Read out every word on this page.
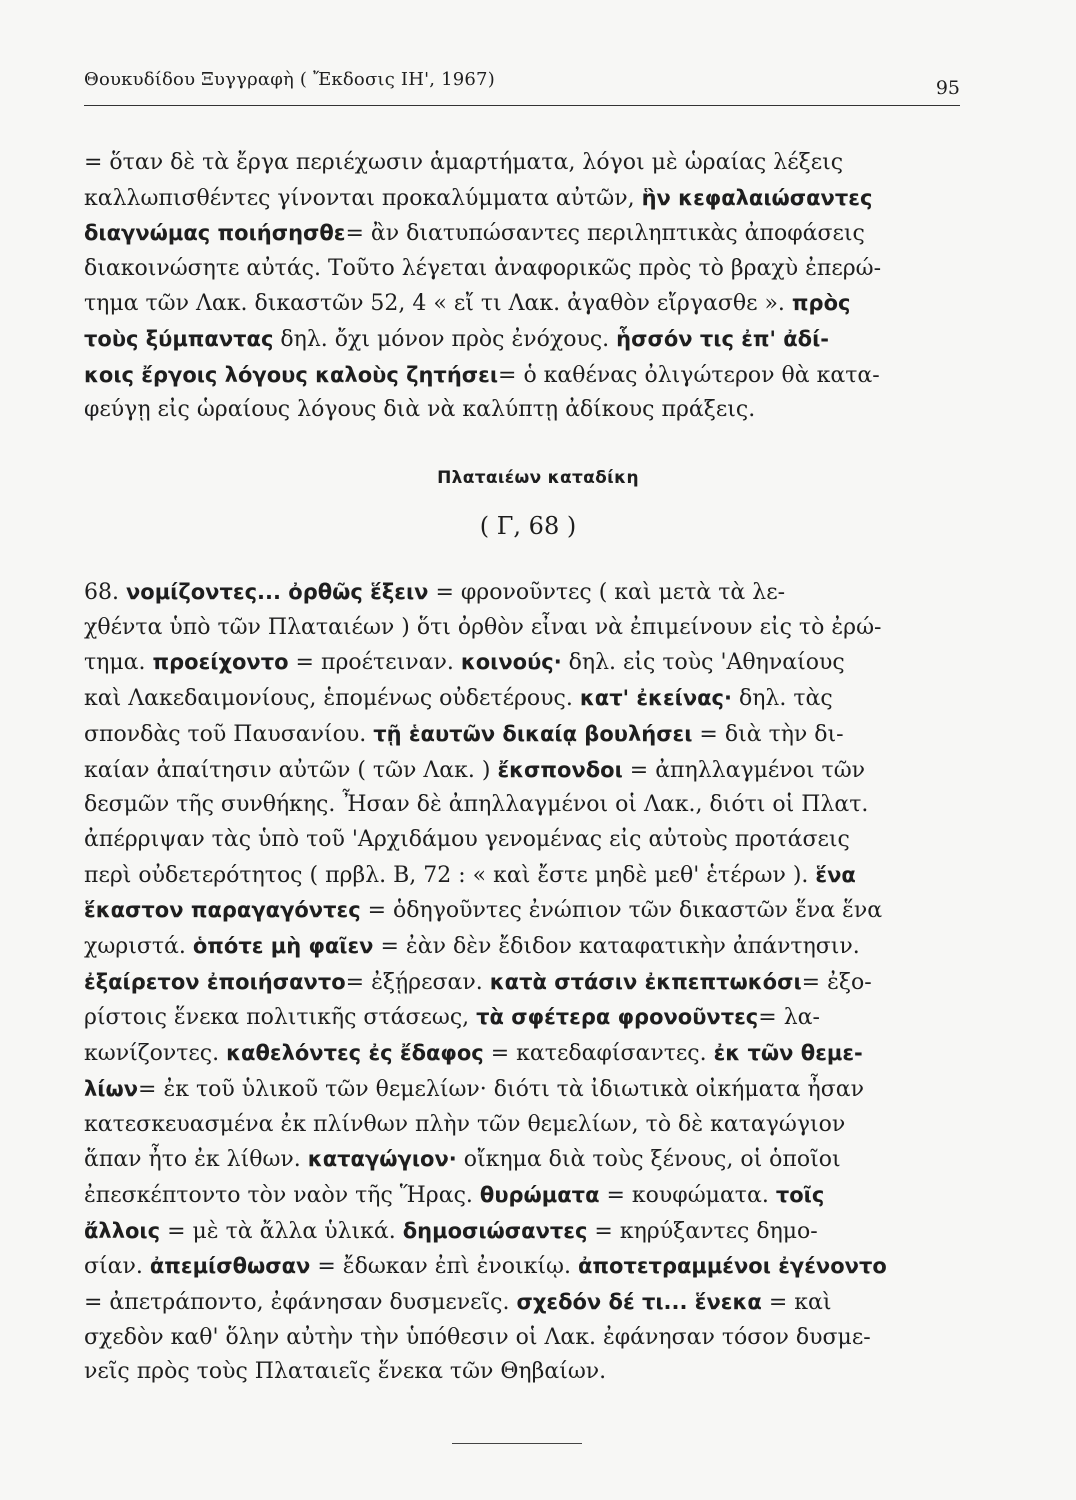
Θουκυδίδου Ξυγγραφὴ ( Ἔκδοσις ΙΗ', 1967)	95
= ὅταν δὲ τὰ ἔργα περιέχωσιν ἁμαρτήματα, λόγοι μὲ ὡραίας λέξεις
καλλωπισθέντες γίνονται προκαλύμματα αὐτῶν, ἣν κεφαλαιώσαντες
διαγνώμας ποιήσησθε= ἂν διατυπώσαντες περιληπτικὰς ἀποφάσεις
διακοινώσητε αὐτάς. Τοῦτο λέγεται ἀναφορικῶς πρὸς τὸ βραχὺ ἐπερώ-
τημα τῶν Λακ. δικαστῶν 52, 4 « εἴ τι Λακ. ἀγαθὸν εἴργασθε ». πρὸς
τοὺς ξύμπαντας δηλ. ὄχι μόνον πρὸς ἐνόχους. ἧσσόν τις ἐπ' ἀδί-
κοις ἔργοις λόγους καλοὺς ζητήσει= ὁ καθένας ὀλιγώτερον θὰ κατα-
φεύγῃ εἰς ὡραίους λόγους διὰ νὰ καλύπτῃ ἀδίκους πράξεις.
Πλαταιέων καταδίκη
( Γ, 68 )
68. νομίζοντες... ὀρθῶς ἕξειν = φρονοῦντες ( καὶ μετὰ τὰ λε-
χθέντα ὑπὸ τῶν Πλαταιέων ) ὅτι ὀρθὸν εἶναι νὰ ἐπιμείνουν εἰς τὸ ἐρώ-
τημα. προείχοντο = προέτειναν. κοινούς· δηλ. εἰς τοὺς 'Αθηναίους
καὶ Λακεδαιμονίους, ἑπομένως οὐδετέρους. κατ' ἐκείνας· δηλ. τὰς
σπονδὰς τοῦ Παυσανίου. τῇ ἑαυτῶν δικαίᾳ βουλήσει = διὰ τὴν δι-
καίαν ἀπαίτησιν αὐτῶν ( τῶν Λακ. ) ἔκσπονδοι = ἀπηλλαγμένοι τῶν
δεσμῶν τῆς συνθήκης. Ἦσαν δὲ ἀπηλλαγμένοι οἱ Λακ., διότι οἱ Πλατ.
ἀπέρριψαν τὰς ὑπὸ τοῦ 'Αρχιδάμου γενομένας εἰς αὐτοὺς προτάσεις
περὶ οὐδετερότητος ( πρβλ. Β, 72 : « καὶ ἔστε μηδὲ μεθ' ἑτέρων ). ἕνα
ἕκαστον παραγαγόντες = ὁδηγοῦντες ἐνώπιον τῶν δικαστῶν ἕνα ἕνα
χωριστά. ὁπότε μὴ φαῖεν = ἐὰν δὲν ἔδιδον καταφατικὴν ἀπάντησιν.
ἐξαίρετον ἐποιήσαντο= ἐξῄρεσαν. κατὰ στάσιν ἐκπεπτωκόσι= ἐξο-
ρίστοις ἕνεκα πολιτικῆς στάσεως, τὰ σφέτερα φρονοῦντες= λα-
κωνίζοντες. καθελόντες ἐς ἔδαφος = κατεδαφίσαντες. ἐκ τῶν θεμε-
λίων= ἐκ τοῦ ὑλικοῦ τῶν θεμελίων· διότι τὰ ἰδιωτικὰ οἰκήματα ἦσαν
κατεσκευασμένα ἐκ πλίνθων πλὴν τῶν θεμελίων, τὸ δὲ καταγώγιον
ἅπαν ἦτο ἐκ λίθων. καταγώγιον· οἴκημα διὰ τοὺς ξένους, οἱ ὁποῖοι
ἐπεσκέπτοντο τὸν ναὸν τῆς Ἥρας. θυρώματα = κουφώματα. τοῖς
ἄλλοις = μὲ τὰ ἄλλα ὑλικά. δημοσιώσαντες = κηρύξαντες δημο-
σίαν. ἀπεμίσθωσαν = ἔδωκαν ἐπὶ ἐνοικίῳ. ἀποτετραμμένοι ἐγένοντο
= ἀπετράποντο, ἐφάνησαν δυσμενεῖς. σχεδόν δέ τι... ἕνεκα = καὶ
σχεδὸν καθ' ὅλην αὐτὴν τὴν ὑπόθεσιν οἱ Λακ. ἐφάνησαν τόσον δυσμε-
νεῖς πρὸς τοὺς Πλαταιεῖς ἕνεκα τῶν Θηβαίων.
